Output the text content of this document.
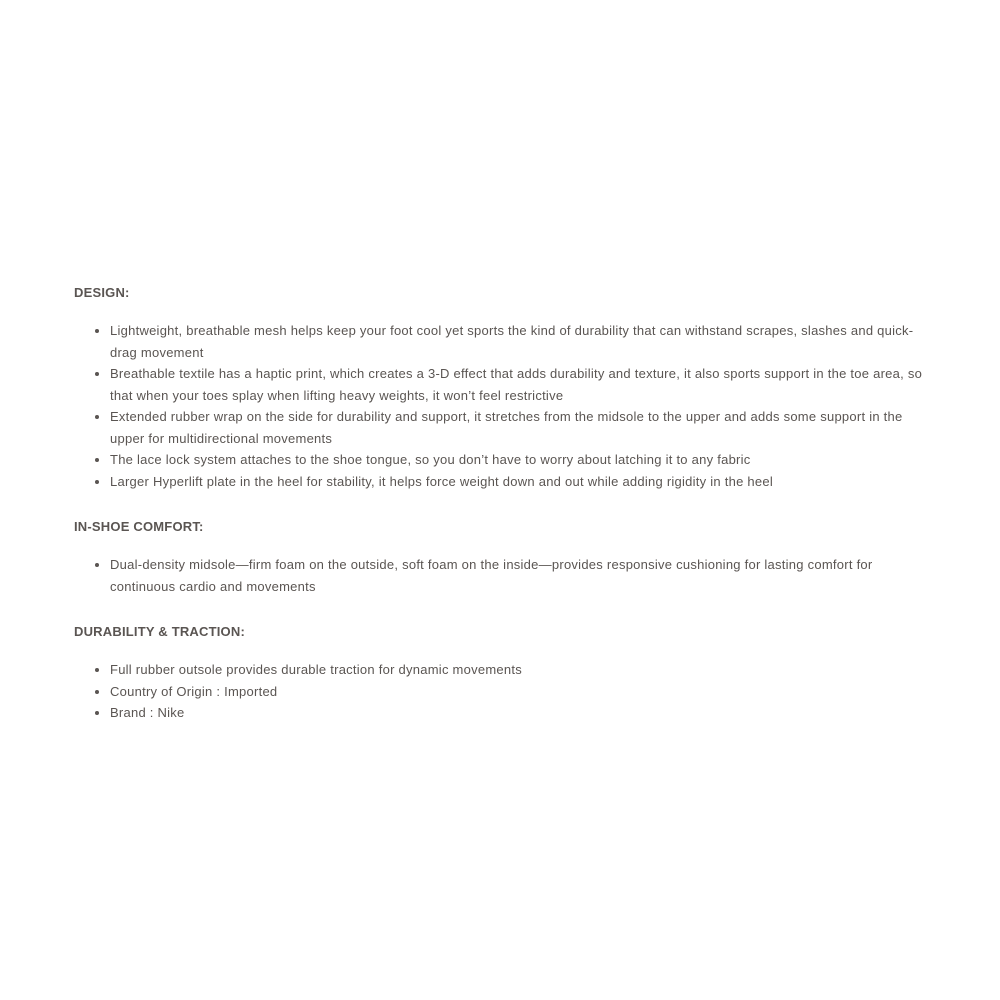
DESIGN:
• Lightweight, breathable mesh helps keep your foot cool yet sports the kind of durability that can withstand scrapes, slashes and quick-drag movement
• Breathable textile has a haptic print, which creates a 3-D effect that adds durability and texture, it also sports support in the toe area, so that when your toes splay when lifting heavy weights, it won’t feel restrictive
• Extended rubber wrap on the side for durability and support, it stretches from the midsole to the upper and adds some support in the upper for multidirectional movements
• The lace lock system attaches to the shoe tongue, so you don’t have to worry about latching it to any fabric
• Larger Hyperlift plate in the heel for stability, it helps force weight down and out while adding rigidity in the heel
IN-SHOE COMFORT:
• Dual-density midsole—firm foam on the outside, soft foam on the inside—provides responsive cushioning for lasting comfort for continuous cardio and movements
DURABILITY & TRACTION:
• Full rubber outsole provides durable traction for dynamic movements
• Country of Origin : Imported
• Brand : Nike
